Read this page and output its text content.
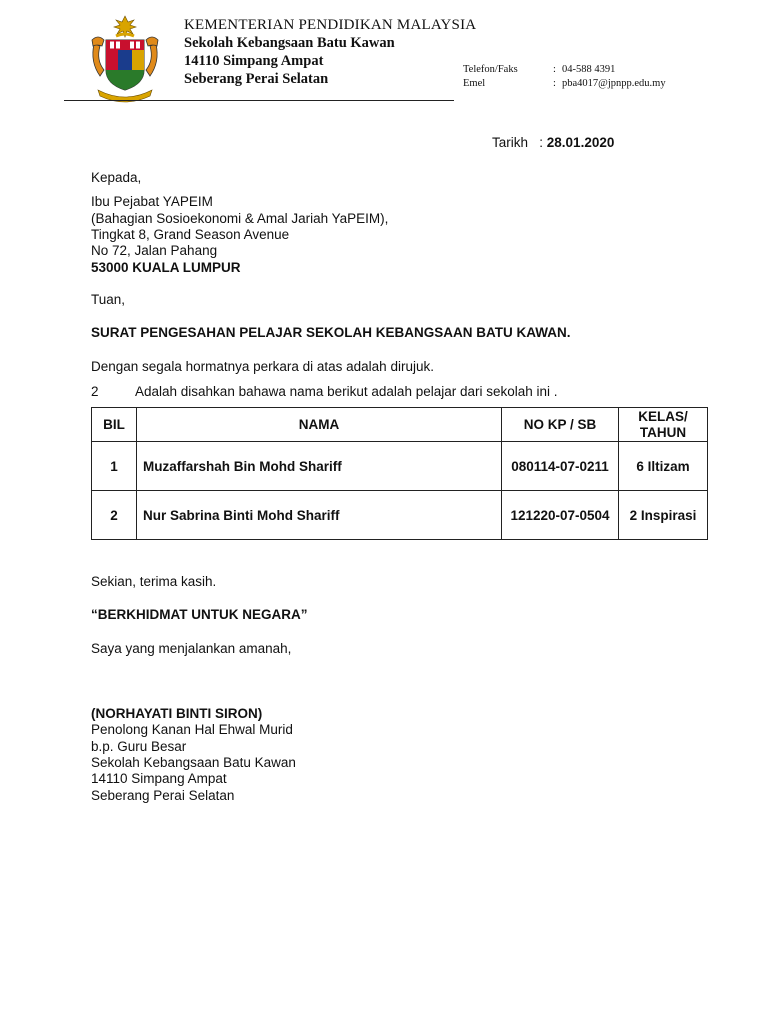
KEMENTERIAN PENDIDIKAN MALAYSIA
Sekolah Kebangsaan Batu Kawan
14110 Simpang Ampat
Seberang Perai Selatan
Telefon/Faks	: 04-588 4391
Emel	: pba4017@jpnpp.edu.my
Tarikh   : 28.01.2020
Kepada,
Ibu Pejabat YAPEIM
(Bahagian Sosioekonomi & Amal Jariah YaPEIM),
Tingkat 8, Grand Season Avenue
No 72, Jalan Pahang
53000 KUALA LUMPUR
Tuan,
SURAT PENGESAHAN PELAJAR SEKOLAH KEBANGSAAN BATU KAWAN.
Dengan segala hormatnya perkara di atas adalah dirujuk.
2	Adalah disahkan bahawa nama berikut adalah pelajar dari sekolah ini .
BIL	NAMA	NO KP / SB	KELAS/
TAHUN
1	Muzaffarshah Bin Mohd Shariff	080114-07-0211	6 Iltizam
2	Nur Sabrina Binti Mohd Shariff	121220-07-0504	2 Inspirasi
Sekian, terima kasih.
“BERKHIDMAT UNTUK NEGARA”
Saya yang menjalankan amanah,
(NORHAYATI BINTI SIRON)
Penolong Kanan Hal Ehwal Murid
b.p. Guru Besar
Sekolah Kebangsaan Batu Kawan
14110 Simpang Ampat
Seberang Perai Selatan
